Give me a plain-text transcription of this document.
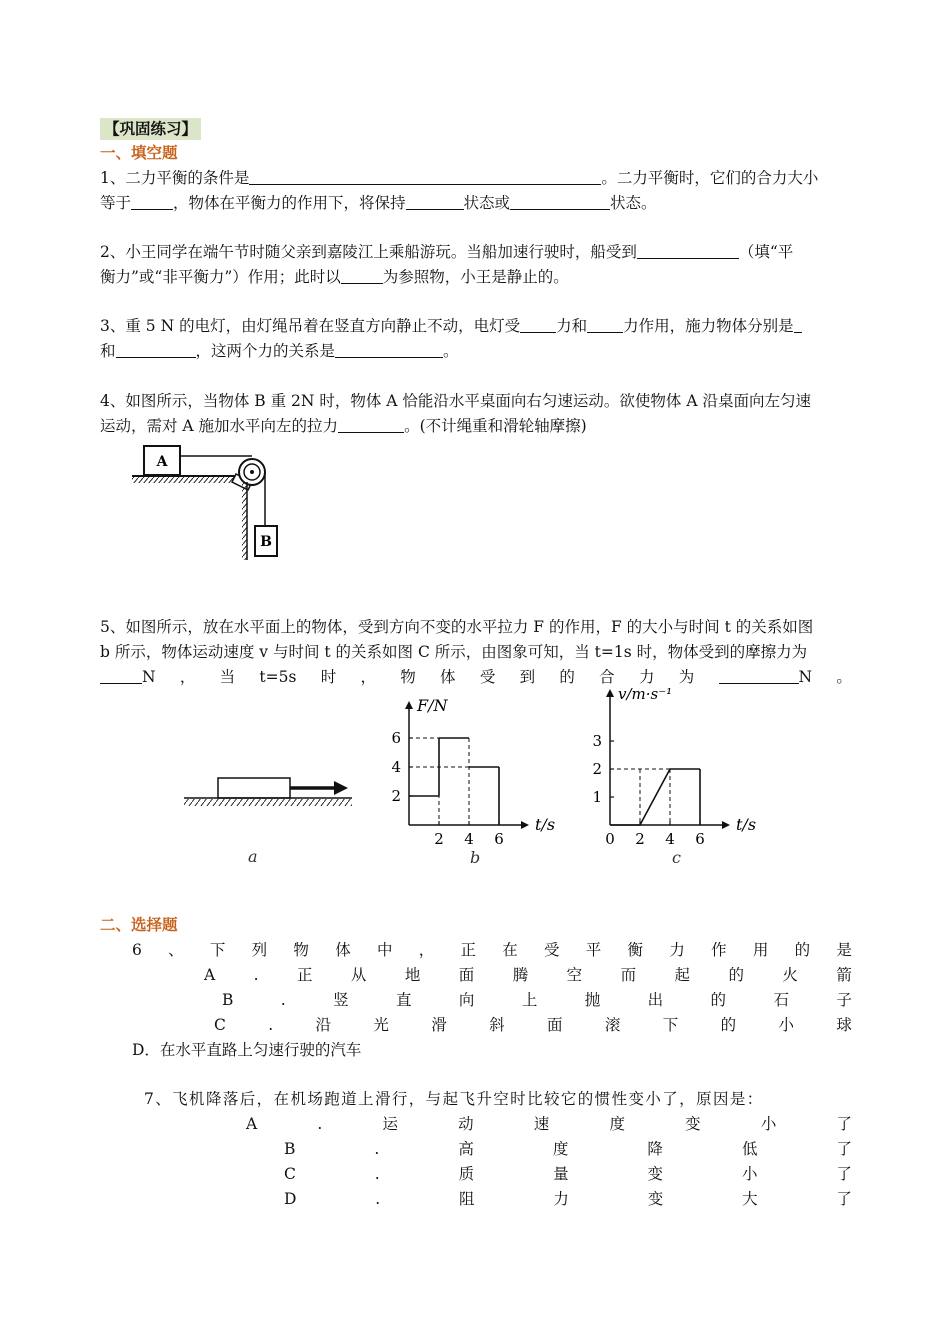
【巩固练习】
一、填空题
1、二力平衡的条件是	。二力平衡时，它们的合力大小
等于	，物体在平衡力的作用下，将保持	状态或	状态。
2、小王同学在端午节时随父亲到嘉陵江上乘船游玩。当船加速行驶时，船受到	（填“平
衡力”或“非平衡力”）作用；此时以	为参照物，小王是静止的。
3、重 5 N 的电灯，由灯绳吊着在竖直方向静止不动，电灯受 力和 力作用，施力物体分别是
和	，这两个力的关系是	。
4、如图所示，当物体 B 重 2N 时，物体 A 恰能沿水平桌面向右匀速运动。欲使物体 A 沿桌面向左匀速
运动，需对 A 施加水平向左的拉力	。(不计绳重和滑轮轴摩擦)
A
B
5、如图所示，放在水平面上的物体，受到方向不变的水平拉力 F 的作用，F 的大小与时间 t 的关系如图
b 所示，物体运动速度 v 与时间 t 的关系如图 C 所示，由图象可知，当 t=1s 时，物体受到的摩擦力为
N ， 当 t=5s 时 ， 物 体 受 到 的 合 力 为	N 。
a
2 4 6
2
4
6
F/N
t/s
b
0 2 4 6
1
2
3
v/m·s⁻¹
t/s
c
二、选择题
6 、 下 列 物 体 中 ， 正 在 受 平 衡 力 作 用 的 是
A . 正 从 地 面 腾 空 而 起 的 火 箭
B	.	竖	直	向	上	抛	出	的	石	子
C	.	沿	光	滑	斜	面	滚	下	的	小	球
D．在水平直路上匀速行驶的汽车
7、飞机降落后，在机场跑道上滑行，与起飞升空时比较它的惯性变小了，原因是：
A	.	运	动	速	度	变	小	了
B	.	高	度	降	低	了
C	.	质	量	变	小	了
D	.	阻	力	变	大	了
